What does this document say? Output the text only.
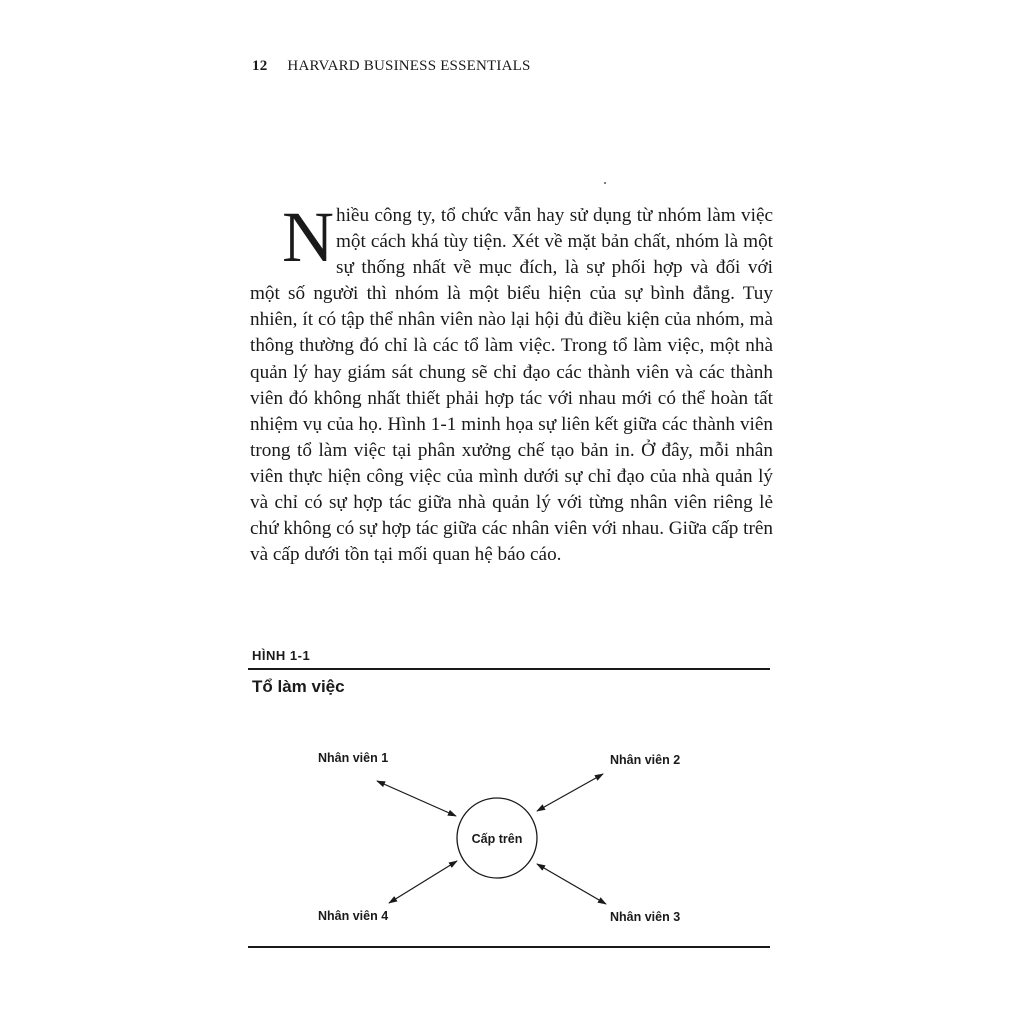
12 HARVARD BUSINESS ESSENTIALS
Nhiều công ty, tổ chức vẫn hay sử dụng từ nhóm làm việc một cách khá tùy tiện. Xét về mặt bản chất, nhóm là một sự thống nhất về mục đích, là sự phối hợp và đối với một số người thì nhóm là một biểu hiện của sự bình đẳng. Tuy nhiên, ít có tập thể nhân viên nào lại hội đủ điều kiện của nhóm, mà thông thường đó chỉ là các tổ làm việc. Trong tổ làm việc, một nhà quản lý hay giám sát chung sẽ chỉ đạo các thành viên và các thành viên đó không nhất thiết phải hợp tác với nhau mới có thể hoàn tất nhiệm vụ của họ. Hình 1-1 minh họa sự liên kết giữa các thành viên trong tổ làm việc tại phân xưởng chế tạo bản in. Ở đây, mỗi nhân viên thực hiện công việc của mình dưới sự chỉ đạo của nhà quản lý và chỉ có sự hợp tác giữa nhà quản lý với từng nhân viên riêng lẻ chứ không có sự hợp tác giữa các nhân viên với nhau. Giữa cấp trên và cấp dưới tồn tại mối quan hệ báo cáo.
HÌNH 1-1
Tổ làm việc
Cấp trên
Nhân viên 1	Nhân viên 2
Nhân viên 3
Nhân viên 4
